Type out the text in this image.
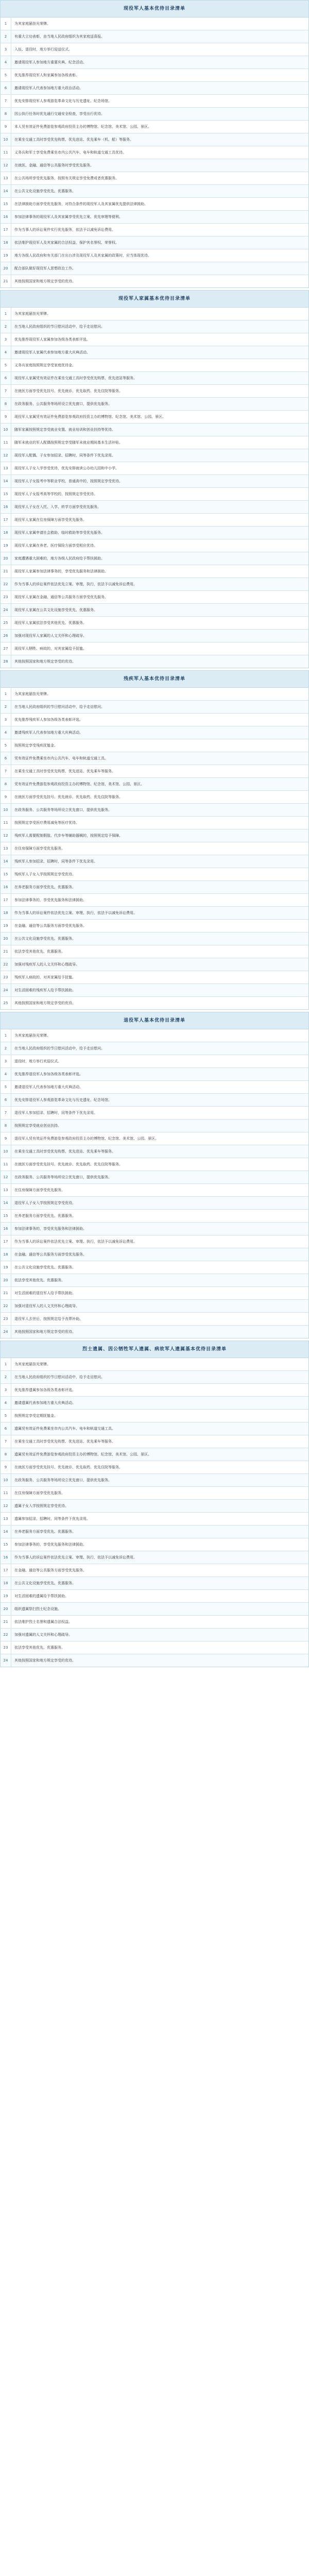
现役军人基本优待目录清单
1	为其家庭悬挂光荣牌。
2	有重大立功表彰，由当地人民政府组织为其家庭送喜报。
3	入伍、退役时，地方举行迎送仪式。
4	邀请现役军人参加地方重要庆典、纪念活动。
5	优先推荐现役军人和家属参加各级表彰。
6	邀请现役军人代表参加地方重大政治活动。
7	优先安排现役军人参观游览革命文化与历史遗址、纪念场馆。
8	因公执行任务时优先通行交通安全检查，享受出行优待。
9	本人凭有效证件免费游览参观政府投资主办的博物馆、纪念馆、美术馆、公园、景区。
10	在乘坐交通工具时享受优先购票、优先进站、优先乘车（机、船）等服务。
11	义务兵和军士享受免费乘坐市内公共汽车、电车和轨道交通工具优待。
12	在就医、金融、通信等公共服务时享受优先服务。
13	在公共场所享受优先服务，按照有关规定享受免费或者优惠服务。
14	在公共文化设施享受优先、优惠服务。
15	在法律援助方面享受优先服务，对符合条件的现役军人及其家属优先提供法律援助。
16	参加法律事务的现役军人及其家属享受优先立案、优先审理等便利。
17	作为当事人的诉讼案件实行优先服务，依法予以减免诉讼费用。
18	依法维护现役军人及其家属的合法权益，保护其名誉权、荣誉权。
19	地方各级人民政府和有关部门在出台涉及现役军人及其家属的政策时，应当体现优待。
20	配合部队做好现役军人思想政治工作。
21	其他按照国家和地方规定享受的优待。
现役军人家属基本优待目录清单
1	为其家庭悬挂光荣牌。
2	在当地人民政府组织的节日慰问活动中，给予走访慰问。
3	优先推荐现役军人家属参加各级各类表彰评选。
4	邀请现役军人家属代表参加地方重大庆典活动。
5	义务兵家庭按照规定享受家庭优待金。
6	现役军人家属凭有效证件在乘坐交通工具时享受优先购票、优先进站等服务。
7	在就医方面享受优先挂号、优先就诊、优先取药、优先住院等服务。
8	在政务服务、公共服务等场所设立优先窗口，提供优先服务。
9	现役军人家属凭有效证件免费游览参观政府投资主办的博物馆、纪念馆、美术馆、公园、景区。
10	随军家属按照规定享受就业安置、就业培训和创业扶持等优待。
11	随军未就业的军人配偶按照规定享受随军未就业期间基本生活补贴。
12	现役军人配偶、子女参加招录、招聘时，同等条件下优先录用。
13	现役军人子女入学享受优待，优先安排就读公办幼儿园和中小学。
14	现役军人子女报考中等职业学校、普通高中的，按照规定享受优待。
15	现役军人子女报考高等学校的，按照规定享受优待。
16	现役军人子女在入托、入学、转学方面享受优先服务。
17	现役军人家属在住房保障方面享受优先服务。
18	现役军人家属申请社会救助、临时救助等享受优先服务。
19	现役军人家属在养老、医疗保险方面享受相应优待。
20	家庭遭遇重大困难的，地方各级人民政府给予帮扶援助。
21	现役军人家属参加法律事务的，享受优先服务和法律援助。
22	作为当事人的诉讼案件依法优先立案、审理、执行，依法予以减免诉讼费用。
23	现役军人家属在金融、通信等公共服务方面享受优先服务。
24	现役军人家属在公共文化设施享受优先、优惠服务。
25	现役军人家属依法享受其他优先、优惠服务。
26	加强对现役军人家属的人文关怀和心理疏导。
27	现役军人牺牲、病故的，对其家属给予抚恤。
28	其他按照国家和地方规定享受的优待。
残疾军人基本优待目录清单
1	为其家庭悬挂光荣牌。
2	在当地人民政府组织的节日慰问活动中，给予走访慰问。
3	优先推荐残疾军人参加各级各类表彰评选。
4	邀请残疾军人代表参加地方重大庆典活动。
5	按照规定享受残疾抚恤金。
6	凭有效证件免费乘坐市内公共汽车、电车和轨道交通工具。
7	在乘坐交通工具时享受优先购票、优先进站、优先乘车等服务。
8	凭有效证件免费游览参观政府投资主办的博物馆、纪念馆、美术馆、公园、景区。
9	在就医方面享受优先挂号、优先就诊、优先取药、优先住院等服务。
10	在政务服务、公共服务等场所设立优先窗口，提供优先服务。
11	按照规定享受医疗费用减免等医疗优待。
12	残疾军人需要配制假肢、代步车等辅助器械的，按照规定给予保障。
13	在住房保障方面享受优先服务。
14	残疾军人参加招录、招聘时，同等条件下优先录用。
15	残疾军人子女入学按照规定享受优待。
16	在养老服务方面享受优先、优惠服务。
17	参加法律事务的，享受优先服务和法律援助。
18	作为当事人的诉讼案件依法优先立案、审理、执行，依法予以减免诉讼费用。
19	在金融、通信等公共服务方面享受优先服务。
20	在公共文化设施享受优先、优惠服务。
21	依法享受其他优先、优惠服务。
22	加强对残疾军人的人文关怀和心理疏导。
23	残疾军人病故的，对其家属给予抚恤。
24	对生活困难的残疾军人给予帮扶援助。
25	其他按照国家和地方规定享受的优待。
退役军人基本优待目录清单
1	为其家庭悬挂光荣牌。
2	在当地人民政府组织的节日慰问活动中，给予走访慰问。
3	退役时，地方举行欢迎仪式。
4	优先推荐退役军人参加各级各类表彰评选。
5	邀请退役军人代表参加地方重大庆典活动。
6	优先安排退役军人参观游览革命文化与历史遗址、纪念场馆。
7	退役军人参加招录、招聘时，同等条件下优先录用。
8	按照规定享受就业创业扶持。
9	退役军人凭有效证件免费游览参观政府投资主办的博物馆、纪念馆、美术馆、公园、景区。
10	在乘坐交通工具时享受优先购票、优先进站、优先乘车等服务。
11	在就医方面享受优先挂号、优先就诊、优先取药、优先住院等服务。
12	在政务服务、公共服务等场所设立优先窗口，提供优先服务。
13	在住房保障方面享受优先服务。
14	退役军人子女入学按照规定享受优待。
15	在养老服务方面享受优先、优惠服务。
16	参加法律事务的，享受优先服务和法律援助。
17	作为当事人的诉讼案件依法优先立案、审理、执行，依法予以减免诉讼费用。
18	在金融、通信等公共服务方面享受优先服务。
19	在公共文化设施享受优先、优惠服务。
20	依法享受其他优先、优惠服务。
21	对生活困难的退役军人给予帮扶援助。
22	加强对退役军人的人文关怀和心理疏导。
23	退役军人去世后，按照规定给予丧葬补助。
24	其他按照国家和地方规定享受的优待。
烈士遗属、因公牺牲军人遗属、病故军人遗属基本优待目录清单
1	为其家庭悬挂光荣牌。
2	在当地人民政府组织的节日慰问活动中，给予走访慰问。
3	优先推荐遗属参加各级各类表彰评选。
4	邀请遗属代表参加地方重大庆典活动。
5	按照规定享受定期抚恤金。
6	遗属凭有效证件免费乘坐市内公共汽车、电车和轨道交通工具。
7	在乘坐交通工具时享受优先购票、优先进站、优先乘车等服务。
8	遗属凭有效证件免费游览参观政府投资主办的博物馆、纪念馆、美术馆、公园、景区。
9	在就医方面享受优先挂号、优先就诊、优先取药、优先住院等服务。
10	在政务服务、公共服务等场所设立优先窗口，提供优先服务。
11	在住房保障方面享受优先服务。
12	遗属子女入学按照规定享受优待。
13	遗属参加招录、招聘时，同等条件下优先录用。
14	在养老服务方面享受优先、优惠服务。
15	参加法律事务的，享受优先服务和法律援助。
16	作为当事人的诉讼案件依法优先立案、审理、执行，依法予以减免诉讼费用。
17	在金融、通信等公共服务方面享受优先服务。
18	在公共文化设施享受优先、优惠服务。
19	对生活困难的遗属给予帮扶援助。
20	组织遗属祭扫烈士纪念设施。
21	依法维护烈士名誉和遗属合法权益。
22	加强对遗属的人文关怀和心理疏导。
23	依法享受其他优先、优惠服务。
24	其他按照国家和地方规定享受的优待。
